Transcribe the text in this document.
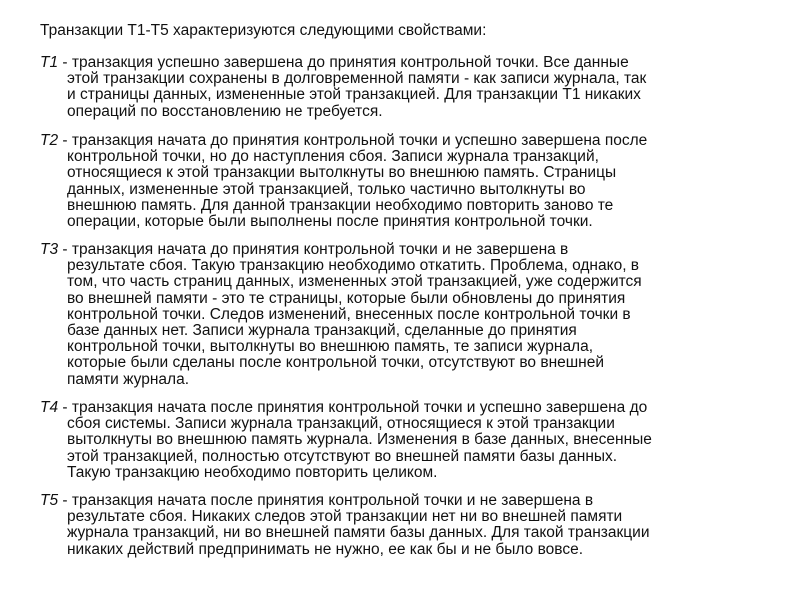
Транзакции T1-T5 характеризуются следующими свойствами:
T1 - транзакция успешно завершена до принятия контрольной точки. Все данные
этой транзакции сохранены в долговременной памяти - как записи журнала, так
и страницы данных, измененные этой транзакцией. Для транзакции Т1 никаких
операций по восстановлению не требуется.
T2 - транзакция начата до принятия контрольной точки и успешно завершена после
контрольной точки, но до наступления сбоя. Записи журнала транзакций,
относящиеся к этой транзакции вытолкнуты во внешнюю память. Страницы
данных, измененные этой транзакцией, только частично вытолкнуты во
внешнюю память. Для данной транзакции необходимо повторить заново те
операции, которые были выполнены после принятия контрольной точки.
T3 - транзакция начата до принятия контрольной точки и не завершена в
результате сбоя. Такую транзакцию необходимо откатить. Проблема, однако, в
том, что часть страниц данных, измененных этой транзакцией, уже содержится
во внешней памяти - это те страницы, которые были обновлены до принятия
контрольной точки. Следов изменений, внесенных после контрольной точки в
базе данных нет. Записи журнала транзакций, сделанные до принятия
контрольной точки, вытолкнуты во внешнюю память, те записи журнала,
которые были сделаны после контрольной точки, отсутствуют во внешней
памяти журнала.
T4 - транзакция начата после принятия контрольной точки и успешно завершена до
сбоя системы. Записи журнала транзакций, относящиеся к этой транзакции
вытолкнуты во внешнюю память журнала. Изменения в базе данных, внесенные
этой транзакцией, полностью отсутствуют во внешней памяти базы данных.
Такую транзакцию необходимо повторить целиком.
T5 - транзакция начата после принятия контрольной точки и не завершена в
результате сбоя. Никаких следов этой транзакции нет ни во внешней памяти
журнала транзакций, ни во внешней памяти базы данных. Для такой транзакции
никаких действий предпринимать не нужно, ее как бы и не было вовсе.
